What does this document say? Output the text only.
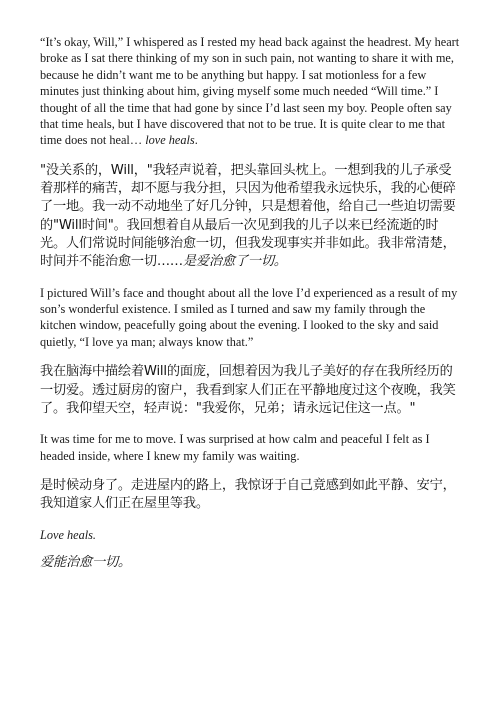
“It’s okay, Will,” I whispered as I rested my head back against the headrest. My heart broke as I sat there thinking of my son in such pain, not wanting to share it with me, because he didn’t want me to be anything but happy. I sat motionless for a few minutes just thinking about him, giving myself some much needed “Will time.” I thought of all the time that had gone by since I’d last seen my boy. People often say that time heals, but I have discovered that not to be true. It is quite clear to me that time does not heal… love heals.

"没关系的，Will，"我轻声说着，把头靠回头枕上。一想到我的儿子承受着那样的痛苦，却不愿与我分担，只因为他希望我永远快乐，我的心便碎了一地。我一动不动地坐了好几分钟，只是想着他，给自己一些迫切需要的"Will时间"。我回想着自从最后一次见到我的儿子以来已经流逝的时光。人们常说时间能够治愈一切，但我发现事实并非如此。我非常清楚，时间并不能治愈一切……是爱治愈了一切。

I pictured Will’s face and thought about all the love I’d experienced as a result of my son’s wonderful existence. I smiled as I turned and saw my family through the kitchen window, peacefully going about the evening. I looked to the sky and said quietly, “I love ya man; always know that.”

我在脑海中描绘着Will的面庞，回想着因为我儿子美好的存在我所经历的一切爱。透过厨房的窗户，我看到家人们正在平静地度过这个夜晚，我笑了。我仰望天空，轻声说："我爱你，兄弟；请永远记住这一点。"

It was time for me to move. I was surprised at how calm and peaceful I felt as I headed inside, where I knew my family was waiting.

是时候动身了。走进屋内的路上，我惊讶于自己竟感到如此平静、安宁，我知道家人们正在屋里等我。

Love heals.

爱能治愈一切。
